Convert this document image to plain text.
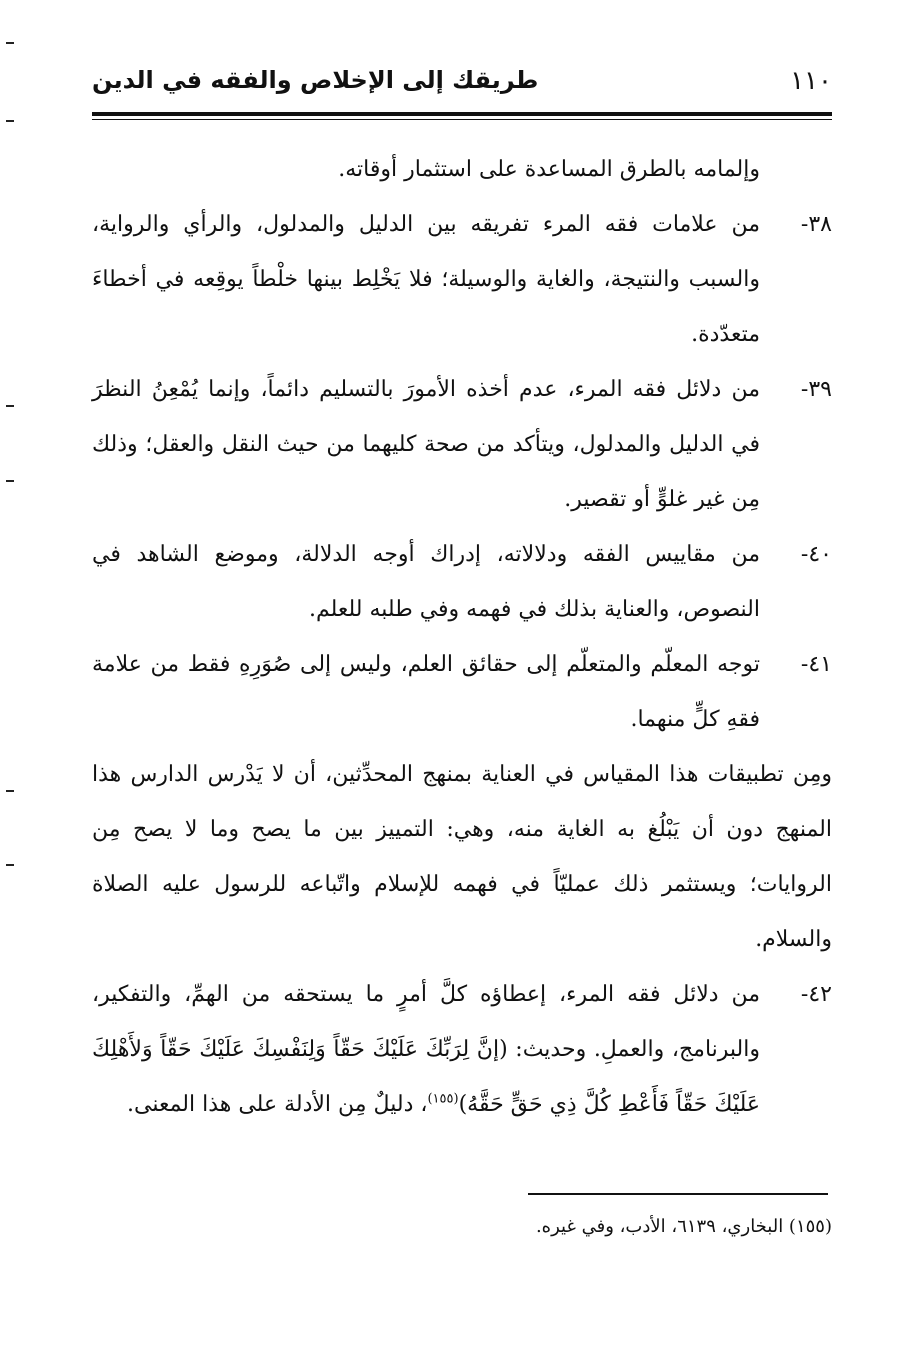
١١٠
طريقك إلى الإخلاص والفقه في الدين

وإلمامه بالطرق المساعدة على استثمار أوقاته.

٣٨-
من علامات فقه المرء تفريقه بين الدليل والمدلول، والرأي والرواية، والسبب والنتيجة، والغاية والوسيلة؛ فلا يَخْلِط بينها خلْطاً يوقِعه في أخطاءَ متعدّدة.

٣٩-
من دلائل فقه المرء، عدم أخذه الأمورَ بالتسليم دائماً، وإنما يُمْعِنُ النظرَ في الدليل والمدلول، ويتأكد من صحة كليهما من حيث النقل والعقل؛ وذلك مِن غير غلوٍّ أو تقصير.

٤٠-
من مقاييس الفقه ودلالاته، إدراك أوجه الدلالة، وموضع الشاهد في النصوص، والعناية بذلك في فهمه وفي طلبه للعلم.

٤١-
توجه المعلّم والمتعلّم إلى حقائق العلم، وليس إلى صُوَرِهِ فقط من علامة فقهِ كلٍّ منهما.

ومِن تطبيقات هذا المقياس في العناية بمنهج المحدِّثين، أن لا يَدْرس الدارس هذا المنهج دون أن يَبْلُغ به الغاية منه، وهي: التمييز بين ما يصح وما لا يصح مِن الروايات؛ ويستثمر ذلك عمليّاً في فهمه للإسلام واتّباعه للرسول عليه الصلاة والسلام.

٤٢-
من دلائل فقه المرء، إعطاؤه كلَّ أمرٍ ما يستحقه من الهمِّ، والتفكير، والبرنامج، والعملِ. وحديث: (إنَّ لِرَبِّكَ عَلَيْكَ حَقّاً وَلِنَفْسِكَ عَلَيْكَ حَقّاً وَلأَهْلِكَ عَلَيْكَ حَقّاً فَأَعْطِ كُلَّ ذِي حَقٍّ حَقَّهُ)$^{(١٥٥)}$، دليلٌ مِن الأدلة على هذا المعنى.

(١٥٥) البخاري، ٦١٣٩، الأدب، وفي غيره.
